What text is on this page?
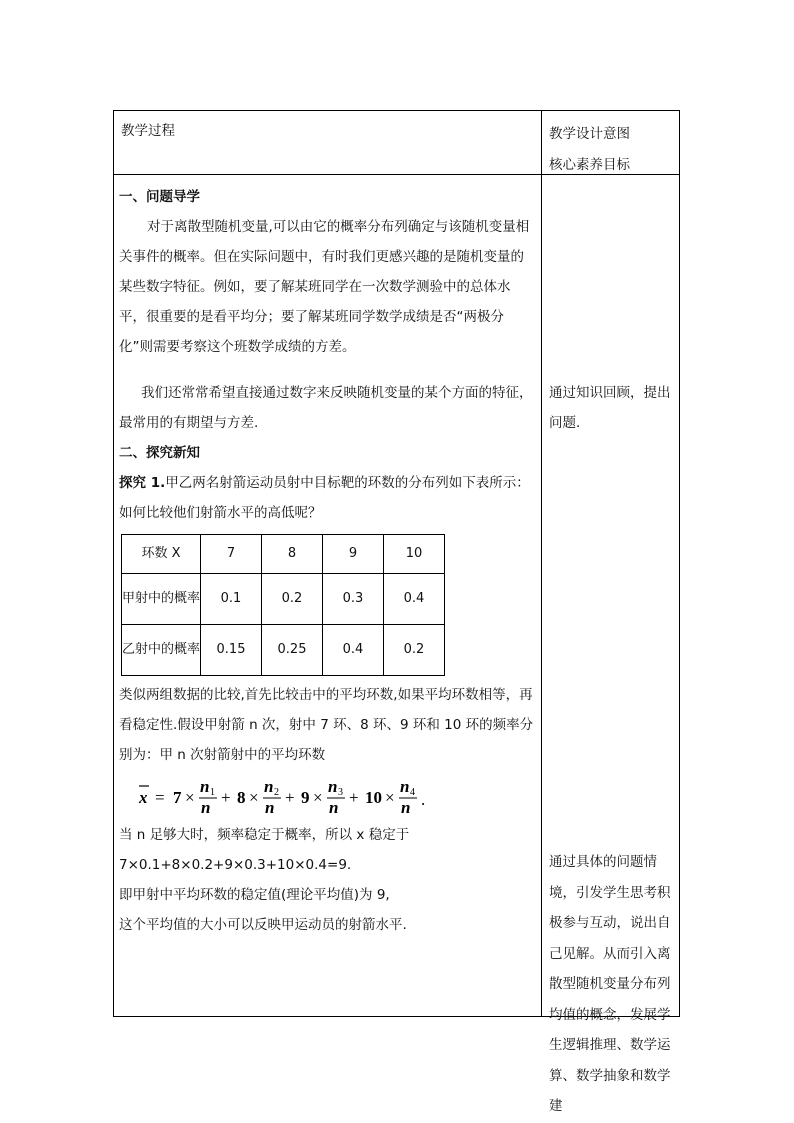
教学过程	教学设计意图
核心素养目标

一、问题导学

对于离散型随机变量,可以由它的概率分布列确定与该随机变量相关事件的概率。但在实际问题中，有时我们更感兴趣的是随机变量的某些数字特征。例如，要了解某班同学在一次数学测验中的总体水平，很重要的是看平均分；要了解某班同学数学成绩是否“两极分化”则需要考察这个班数学成绩的方差。

我们还常常希望直接通过数字来反映随机变量的某个方面的特征，最常用的有期望与方差.

二、探究新知

探究 1.甲乙两名射箭运动员射中目标靶的环数的分布列如下表所示：如何比较他们射箭水平的高低呢？

环数 X	7	8	9	10
甲射中的概率	0.1	0.2	0.3	0.4
乙射中的概率	0.15	0.25	0.4	0.2

类似两组数据的比较,首先比较击中的平均环数,如果平均环数相等，再看稳定性.假设甲射箭 n 次，射中 7 环、8 环、9 环和 10 环的频率分别为：甲 n 次射箭射中的平均环数

x = 7 ×
n 1
n
+ 8 ×
n 2
n
+ 9 ×
n 3
n
+ 10 ×
n 4
n .

当 n 足够大时，频率稳定于概率，所以 x 稳定于

7×0.1+8×0.2+9×0.3+10×0.4=9.

即甲射中平均环数的稳定值(理论平均值)为 9,

这个平均值的大小可以反映甲运动员的射箭水平.

通过知识回顾，提出问题.
通过具体的问题情境，引发学生思考积极参与互动，说出自己见解。从而引入离散型随机变量分布列均值的概念，发展学生逻辑推理、数学运算、数学抽象和数学建
